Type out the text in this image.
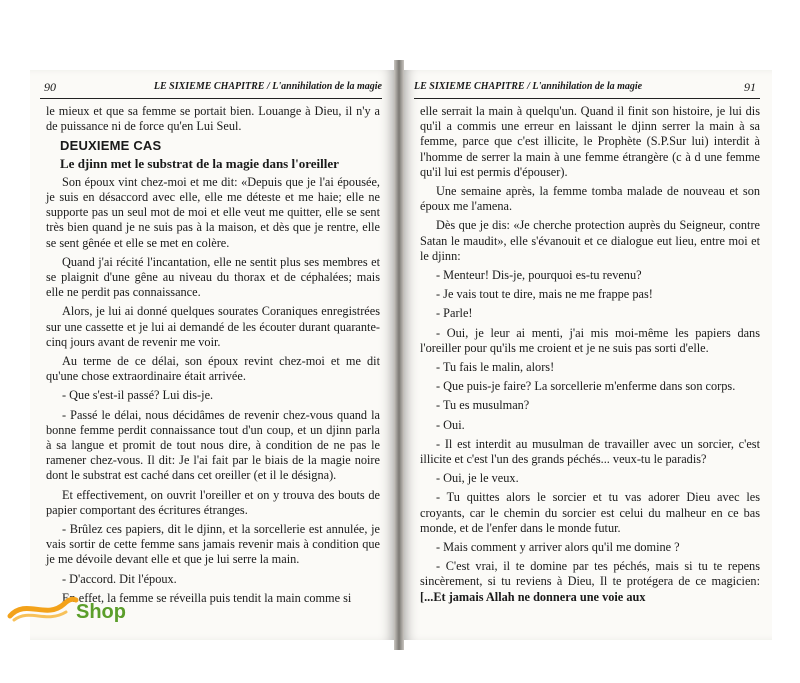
90	LE SIXIEME CHAPITRE / L'annihilation de la magie

le mieux et que sa femme se portait bien. Louange à Dieu, il n'y a de puissance ni de force qu'en Lui Seul.

DEUXIEME CAS
Le djinn met le substrat de la magie dans l'oreiller

Son époux vint chez-moi et me dit: «Depuis que je l'ai épousée, je suis en désaccord avec elle, elle me déteste et me haie; elle ne supporte pas un seul mot de moi et elle veut me quitter, elle se sent très bien quand je ne suis pas à la maison, et dès que je rentre, elle se sent gênée et elle se met en colère.

Quand j'ai récité l'incantation, elle ne sentit plus ses membres et se plaignit d'une gêne au niveau du thorax et de céphalées; mais elle ne perdit pas connaissance.

Alors, je lui ai donné quelques sourates Coraniques enregistrées sur une cassette et je lui ai demandé de les écouter durant quarante-cinq jours avant de revenir me voir.

Au terme de ce délai, son époux revint chez-moi et me dit qu'une chose extraordinaire était arrivée.

- Que s'est-il passé? Lui dis-je.

- Passé le délai, nous décidâmes de revenir chez-vous quand la bonne femme perdit connaissance tout d'un coup, et un djinn parla à sa langue et promit de tout nous dire, à condition de ne pas le ramener chez-vous. Il dit: Je l'ai fait par le biais de la magie noire dont le substrat est caché dans cet oreiller (et il le désigna).

Et effectivement, on ouvrit l'oreiller et on y trouva des bouts de papier comportant des écritures étranges.

- Brûlez ces papiers, dit le djinn, et la sorcellerie est annulée, je vais sortir de cette femme sans jamais revenir mais à condition que je me dévoile devant elle et que je lui serre la main.

- D'accord. Dit l'époux.

En effet, la femme se réveilla puis tendit la main comme si

LE SIXIEME CHAPITRE / L'annihilation de la magie	91

elle serrait la main à quelqu'un. Quand il finit son histoire, je lui dis qu'il a commis une erreur en laissant le djinn serrer la main à sa femme, parce que c'est illicite, le Prophète (S.P.Sur lui) interdit à l'homme de serrer la main à une femme étrangère (c à d une femme qu'il lui est permis d'épouser).

Une semaine après, la femme tomba malade de nouveau et son époux me l'amena.

Dès que je dis: «Je cherche protection auprès du Seigneur, contre Satan le maudit», elle s'évanouit et ce dialogue eut lieu, entre moi et le djinn:

- Menteur! Dis-je, pourquoi es-tu revenu?

- Je vais tout te dire, mais ne me frappe pas!

- Parle!

- Oui, je leur ai menti, j'ai mis moi-même les papiers dans l'oreiller pour qu'ils me croient et je ne suis pas sorti d'elle.

- Tu fais le malin, alors!

- Que puis-je faire? La sorcellerie m'enferme dans son corps.

- Tu es musulman?

- Oui.

- Il est interdit au musulman de travailler avec un sorcier, c'est illicite et c'est l'un des grands péchés... veux-tu le paradis?

- Oui, je le veux.

- Tu quittes alors le sorcier et tu vas adorer Dieu avec les croyants, car le chemin du sorcier est celui du malheur en ce bas monde, et de l'enfer dans le monde futur.

- Mais comment y arriver alors qu'il me domine ?

- C'est vrai, il te domine par tes péchés, mais si tu te repens sincèrement, si tu reviens à Dieu, Il te protégera de ce magicien: [...Et jamais Allah ne donnera une voie aux

Shop
